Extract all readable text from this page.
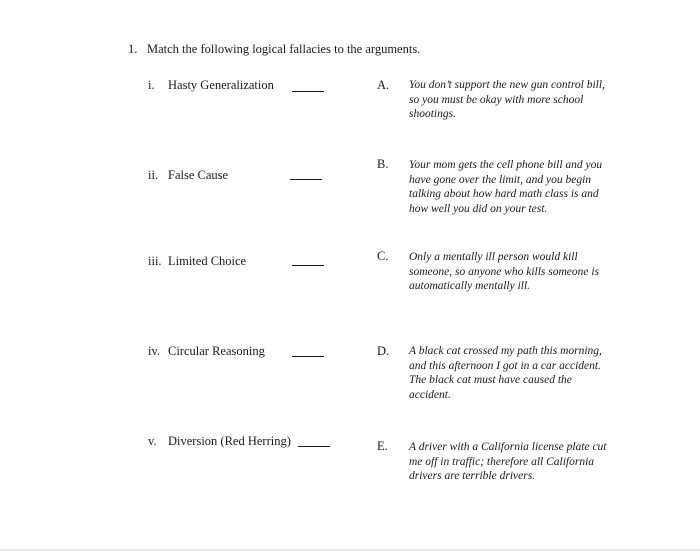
1. Match the following logical fallacies to the arguments.
i. Hasty Generalization
ii. False Cause
iii. Limited Choice
iv. Circular Reasoning
v. Diversion (Red Herring)
A. You don’t support the new gun control bill, so you must be okay with more school shootings.
B. Your mom gets the cell phone bill and you have gone over the limit, and you begin talking about how hard math class is and how well you did on your test.
C. Only a mentally ill person would kill someone, so anyone who kills someone is automatically mentally ill.
D. A black cat crossed my path this morning, and this afternoon I got in a car accident. The black cat must have caused the accident.
E. A driver with a California license plate cut me off in traffic; therefore all California drivers are terrible drivers.
